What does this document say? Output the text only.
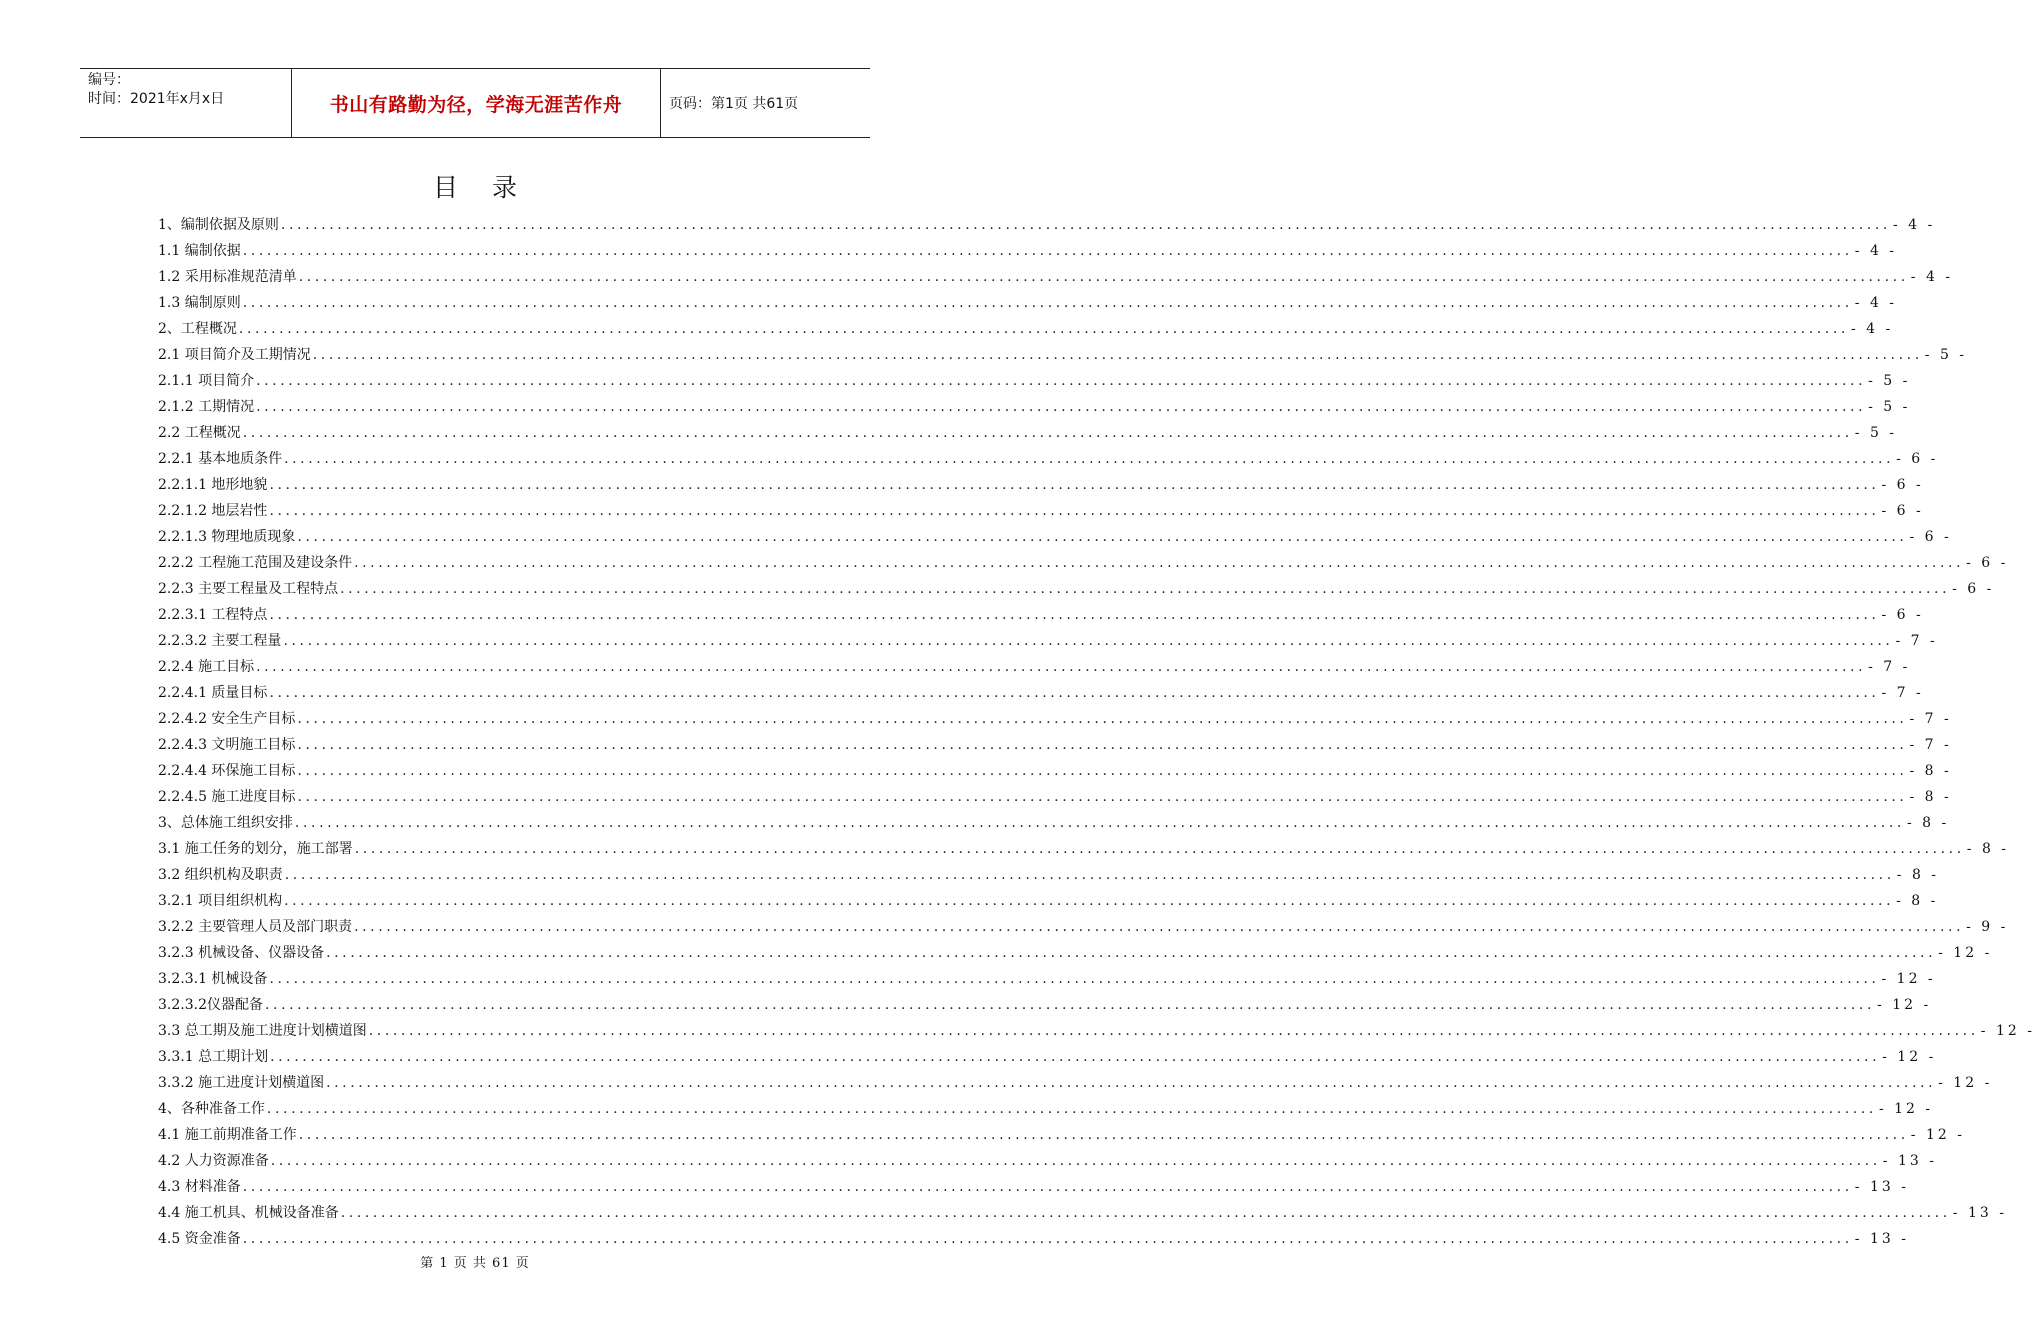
编号：
时间：2021年x月x日	书山有路勤为径，学海无涯苦作舟	页码：第1页 共61页
目录
1、编制依据及原则 ........................................................................................................................................................................................................ - 4 -
1.1 编制依据 ........................................................................................................................................................................................................ - 4 -
1.2 采用标准规范清单 ........................................................................................................................................................................................................ - 4 -
1.3 编制原则 ........................................................................................................................................................................................................ - 4 -
2、工程概况 ........................................................................................................................................................................................................ - 4 -
2.1 项目简介及工期情况 ........................................................................................................................................................................................................ - 5 -
2.1.1 项目简介 ........................................................................................................................................................................................................ - 5 -
2.1.2 工期情况 ........................................................................................................................................................................................................ - 5 -
2.2 工程概况 ........................................................................................................................................................................................................ - 5 -
2.2.1 基本地质条件 ........................................................................................................................................................................................................ - 6 -
2.2.1.1 地形地貌 ........................................................................................................................................................................................................ - 6 -
2.2.1.2 地层岩性 ........................................................................................................................................................................................................ - 6 -
2.2.1.3 物理地质现象 ........................................................................................................................................................................................................ - 6 -
2.2.2 工程施工范围及建设条件 ........................................................................................................................................................................................................ - 6 -
2.2.3 主要工程量及工程特点 ........................................................................................................................................................................................................ - 6 -
2.2.3.1 工程特点 ........................................................................................................................................................................................................ - 6 -
2.2.3.2 主要工程量 ........................................................................................................................................................................................................ - 7 -
2.2.4 施工目标 ........................................................................................................................................................................................................ - 7 -
2.2.4.1 质量目标 ........................................................................................................................................................................................................ - 7 -
2.2.4.2 安全生产目标 ........................................................................................................................................................................................................ - 7 -
2.2.4.3 文明施工目标 ........................................................................................................................................................................................................ - 7 -
2.2.4.4 环保施工目标 ........................................................................................................................................................................................................ - 8 -
2.2.4.5 施工进度目标 ........................................................................................................................................................................................................ - 8 -
3、总体施工组织安排 ........................................................................................................................................................................................................ - 8 -
3.1 施工任务的划分，施工部署 ........................................................................................................................................................................................................ - 8 -
3.2 组织机构及职责 ........................................................................................................................................................................................................ - 8 -
3.2.1 项目组织机构 ........................................................................................................................................................................................................ - 8 -
3.2.2 主要管理人员及部门职责 ........................................................................................................................................................................................................ - 9 -
3.2.3 机械设备、仪器设备 ........................................................................................................................................................................................................ - 12 -
3.2.3.1 机械设备 ........................................................................................................................................................................................................ - 12 -
3.2.3.2仪器配备 ........................................................................................................................................................................................................ - 12 -
3.3 总工期及施工进度计划横道图 ........................................................................................................................................................................................................ - 12 -
3.3.1 总工期计划 ........................................................................................................................................................................................................ - 12 -
3.3.2 施工进度计划横道图 ........................................................................................................................................................................................................ - 12 -
4、各种准备工作 ........................................................................................................................................................................................................ - 12 -
4.1 施工前期准备工作 ........................................................................................................................................................................................................ - 12 -
4.2 人力资源准备 ........................................................................................................................................................................................................ - 13 -
4.3 材料准备 ........................................................................................................................................................................................................ - 13 -
4.4 施工机具、机械设备准备 ........................................................................................................................................................................................................ - 13 -
4.5 资金准备 ........................................................................................................................................................................................................ - 13 -
第 1 页 共 61 页
